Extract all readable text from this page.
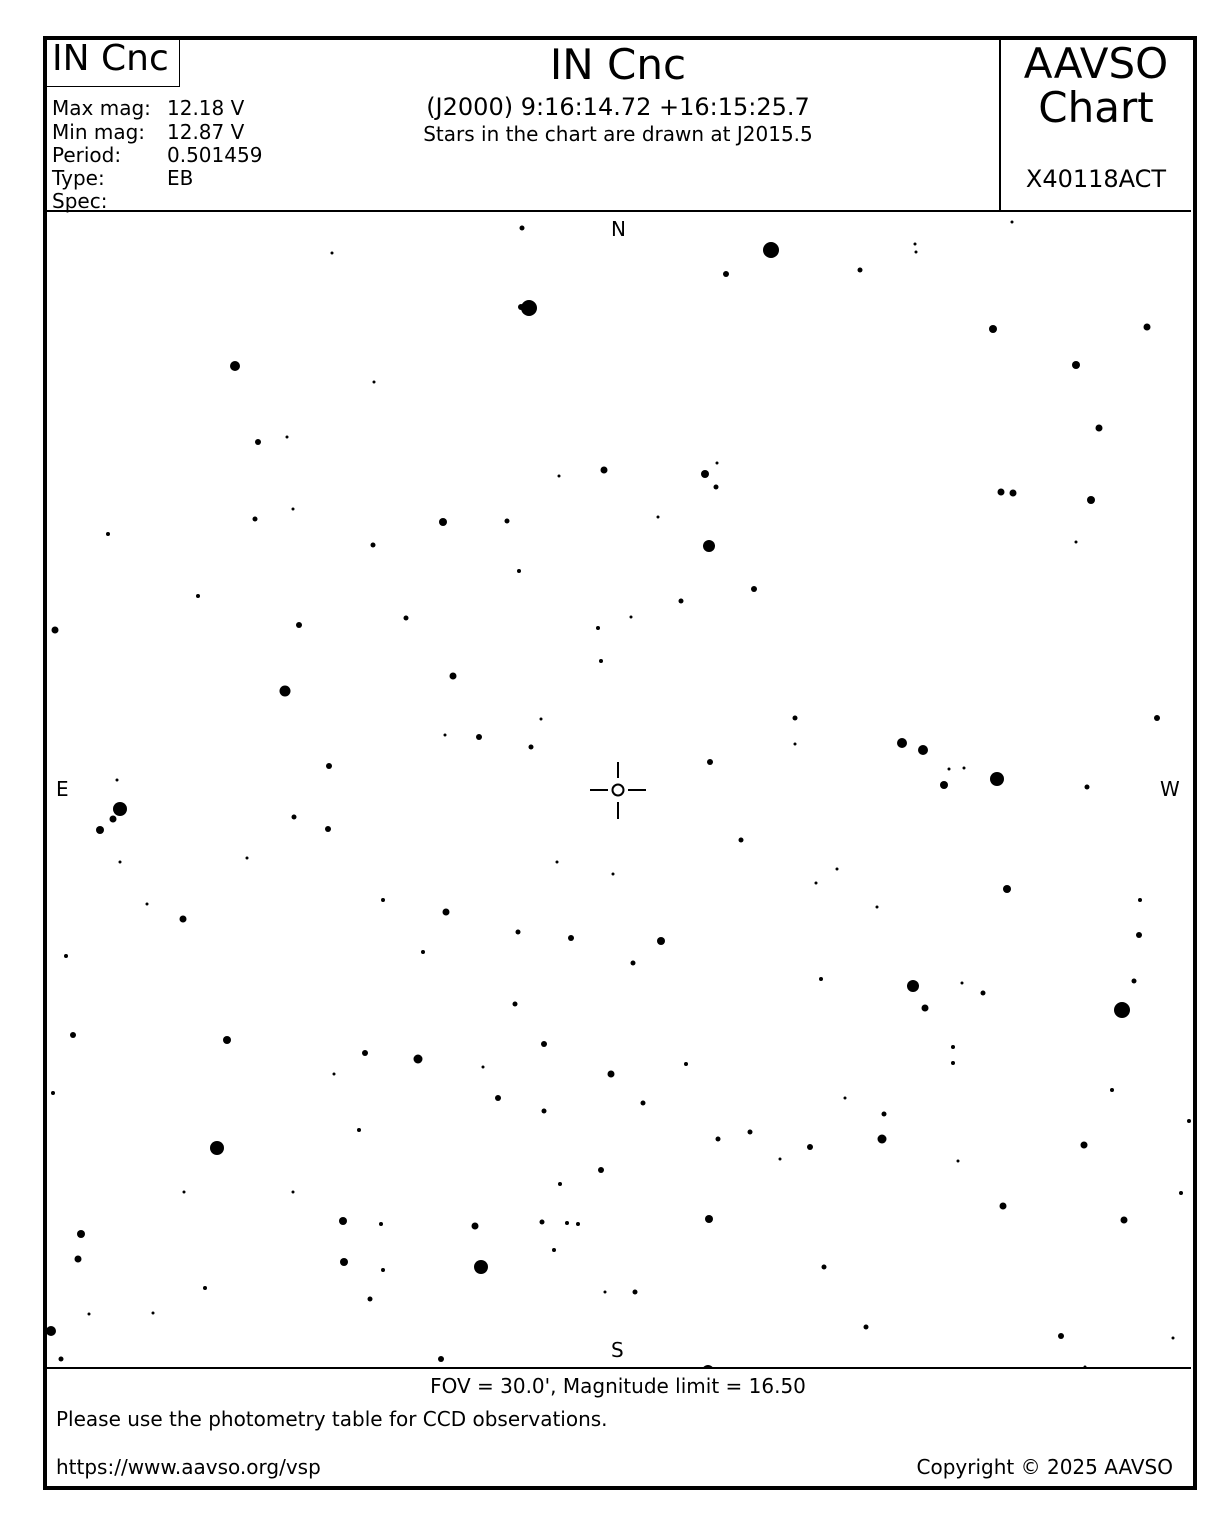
IN Cnc
Max mag: 12.18 V
Min mag: 12.87 V
Period: 0.501459
Type:	EB
Spec:
IN Cnc
(J2000) 9:16:14.72 +16:15:25.7
Stars in the chart are drawn at J2015.5
AAVSO
Chart
X40118ACT
N
S
E	W
FOV = 30.0', Magnitude limit = 16.50
Please use the photometry table for CCD observations.
https://www.aavso.org/vsp	Copyright © 2025 AAVSO
